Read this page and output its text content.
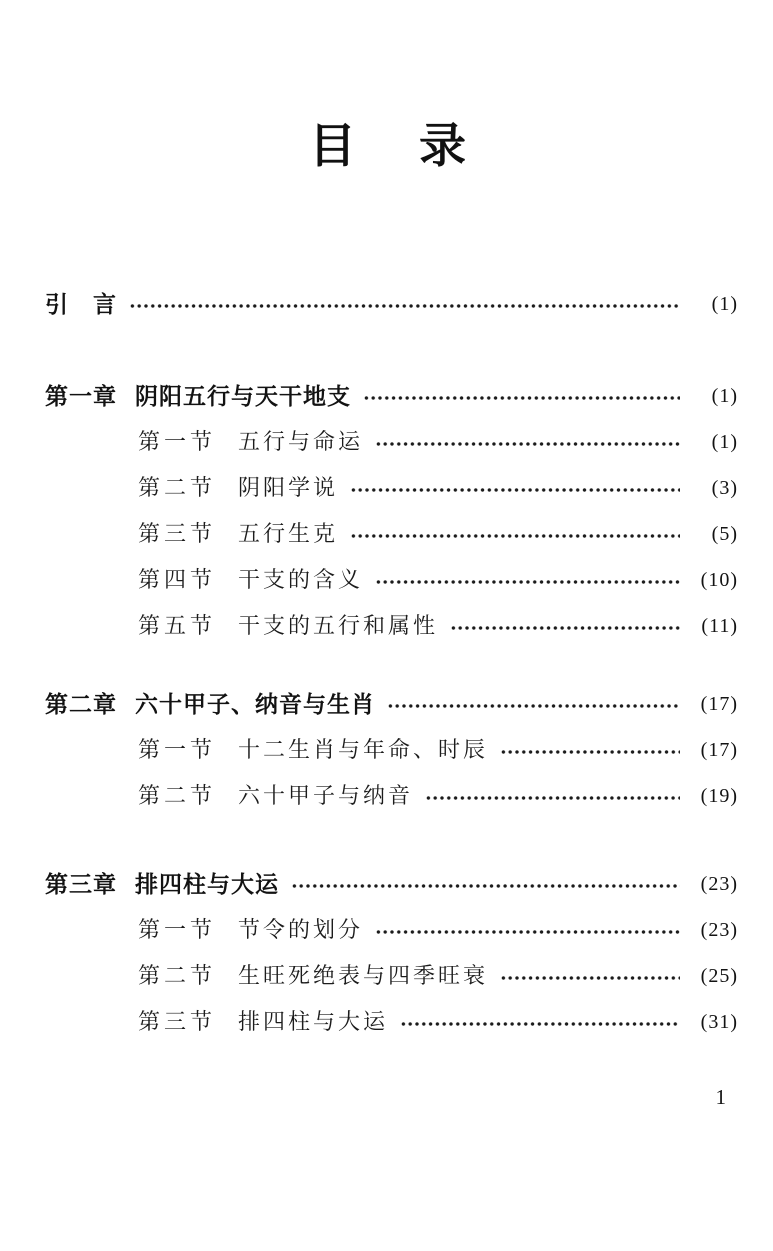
目　录
引　言	(1)
第一章 阴阳五行与天干地支	(1)
第一节 五行与命运	(1)
第二节 阴阳学说	(3)
第三节 五行生克	(5)
第四节 干支的含义	(10)
第五节 干支的五行和属性	(11)
第二章 六十甲子、纳音与生肖	(17)
第一节 十二生肖与年命、时辰	(17)
第二节 六十甲子与纳音	(19)
第三章 排四柱与大运	(23)
第一节 节令的划分	(23)
第二节 生旺死绝表与四季旺衰	(25)
第三节 排四柱与大运	(31)
1
